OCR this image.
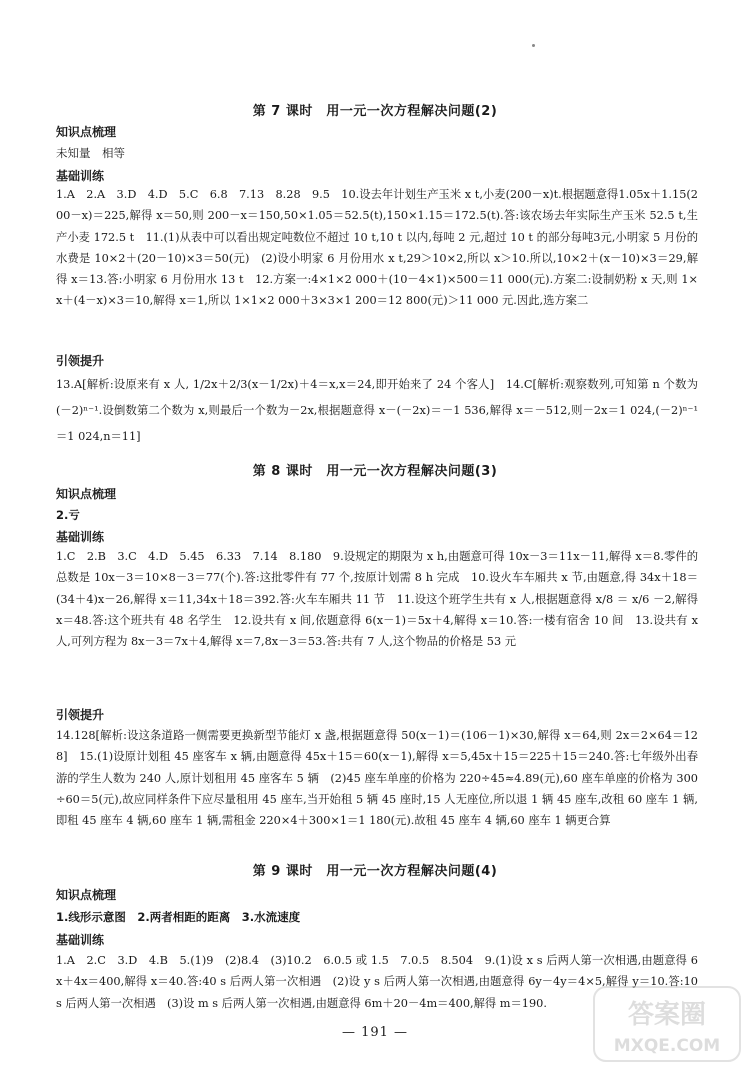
第 7 课时　用一元一次方程解决问题(2)
知识点梳理
未知量　相等
基础训练
1.A　2.A　3.D　4.D　5.C　6.8　7.13　8.28　9.5　10.设去年计划生产玉米 x t,小麦(200－x)t.根据题意得1.05x＋1.15(200－x)＝225,解得 x＝50,则 200－x＝150,50×1.05＝52.5(t),150×1.15＝172.5(t).答:该农场去年实际生产玉米 52.5 t,生产小麦 172.5 t　11.(1)从表中可以看出规定吨数位不超过 10 t,10 t 以内,每吨 2 元,超过 10 t 的部分每吨3元,小明家 5 月份的水费是 10×2＋(20－10)×3＝50(元)　(2)设小明家 6 月份用水 x t,29＞10×2,所以 x＞10.所以,10×2＋(x－10)×3＝29,解得 x＝13.答:小明家 6 月份用水 13 t　12.方案一:4×1×2 000＋(10－4×1)×500＝11 000(元).方案二:设制奶粉 x 天,则 1×x＋(4－x)×3＝10,解得 x＝1,所以 1×1×2 000＋3×3×1 200＝12 800(元)＞11 000 元.因此,选方案二
引领提升
13.A[解析:设原来有 x 人, 1/2x＋2/3(x－1/2x)＋4＝x,x＝24,即开始来了 24 个客人]　14.C[解析:观察数列,可知第 n 个数为(－2)ⁿ⁻¹.设倒数第二个数为 x,则最后一个数为－2x,根据题意得 x－(－2x)＝－1 536,解得 x＝－512,则－2x＝1 024,(－2)ⁿ⁻¹＝1 024,n＝11]
第 8 课时　用一元一次方程解决问题(3)
知识点梳理
2.亏
基础训练
1.C　2.B　3.C　4.D　5.45　6.33　7.14　8.180　9.设规定的期限为 x h,由题意可得 10x－3＝11x－11,解得 x＝8.零件的总数是 10x－3＝10×8－3＝77(个).答:这批零件有 77 个,按原计划需 8 h 完成　10.设火车车厢共 x 节,由题意,得 34x＋18＝(34＋4)x－26,解得 x＝11,34x＋18＝392.答:火车车厢共 11 节　11.设这个班学生共有 x 人,根据题意得 x/8 ＝ x/6 －2,解得 x＝48.答:这个班共有 48 名学生　12.设共有 x 间,依题意得 6(x－1)＝5x＋4,解得 x＝10.答:一楼有宿舍 10 间　13.设共有 x 人,可列方程为 8x－3＝7x＋4,解得 x＝7,8x－3＝53.答:共有 7 人,这个物品的价格是 53 元
引领提升
14.128[解析:设这条道路一侧需要更换新型节能灯 x 盏,根据题意得 50(x－1)＝(106－1)×30,解得 x＝64,则 2x＝2×64＝128]　15.(1)设原计划租 45 座客车 x 辆,由题意得 45x＋15＝60(x－1),解得 x＝5,45x＋15＝225＋15＝240.答:七年级外出春游的学生人数为 240 人,原计划租用 45 座客车 5 辆　(2)45 座车单座的价格为 220÷45≈4.89(元),60 座车单座的价格为 300÷60＝5(元),故应同样条件下应尽量租用 45 座车,当开始租 5 辆 45 座时,15 人无座位,所以退 1 辆 45 座车,改租 60 座车 1 辆,即租 45 座车 4 辆,60 座车 1 辆,需租金 220×4＋300×1＝1 180(元).故租 45 座车 4 辆,60 座车 1 辆更合算
第 9 课时　用一元一次方程解决问题(4)
知识点梳理
1.线形示意图　2.两者相距的距离　3.水流速度
基础训练
1.A　2.C　3.D　4.B　5.(1)9　(2)8.4　(3)10.2　6.0.5 或 1.5　7.0.5　8.504　9.(1)设 x s 后两人第一次相遇,由题意得 6x＋4x＝400,解得 x＝40.答:40 s 后两人第一次相遇　(2)设 y s 后两人第一次相遇,由题意得 6y－4y＝4×5,解得 y＝10.答:10 s 后两人第一次相遇　(3)设 m s 后两人第一次相遇,由题意得 6m＋20－4m＝400,解得 m＝190.
— 191 —
答案圈
MXQE.COM
